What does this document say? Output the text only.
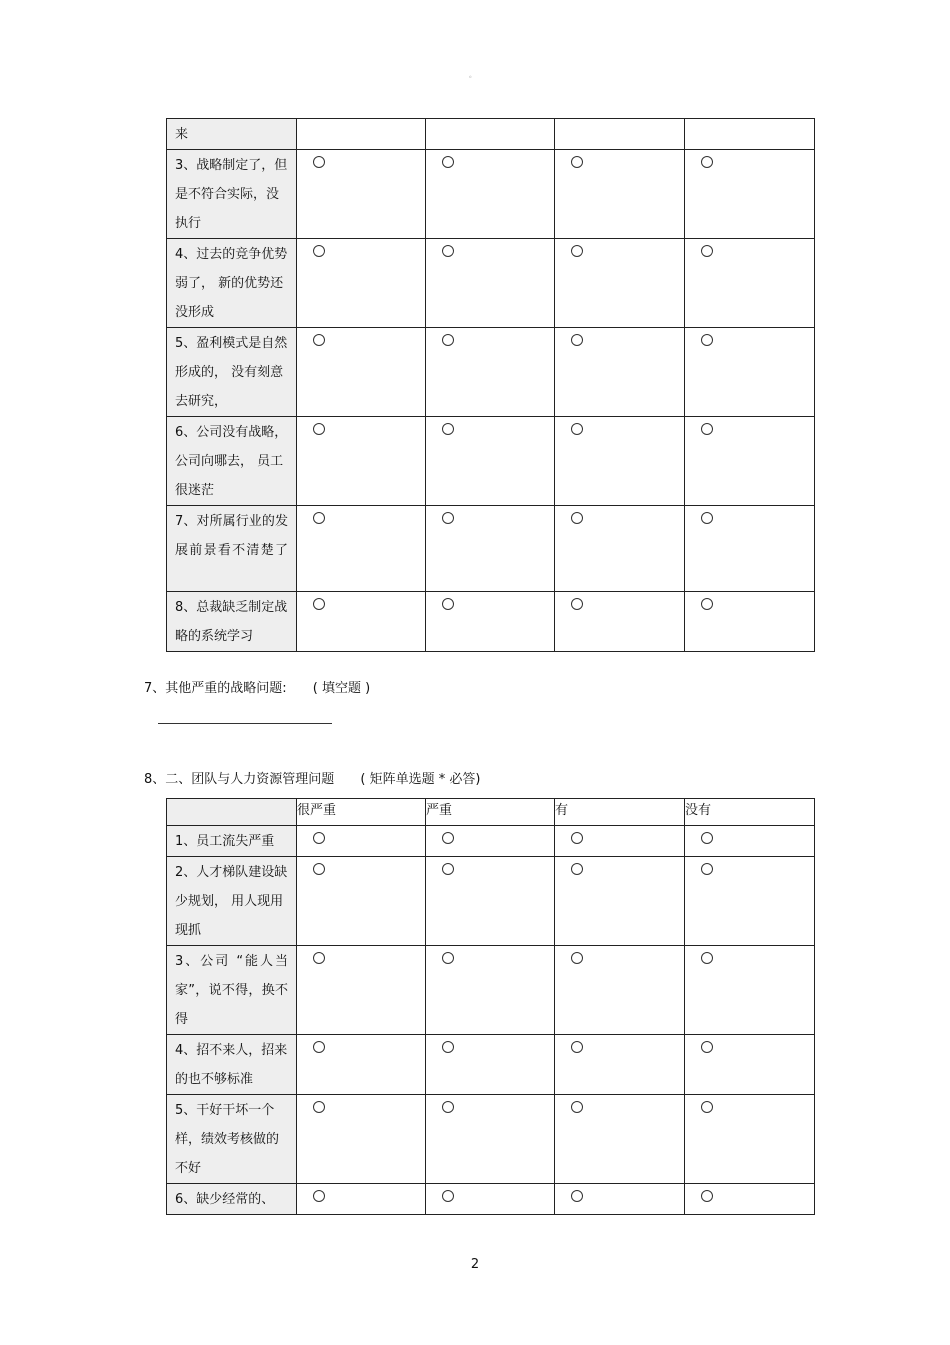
。
来				
3、战略制定了，但是不符合实际，没执行	

4、过去的竞争优势弱了， 新的优势还没形成	

5、盈利模式是自然形成的， 没有刻意去研究，	

6、公司没有战略，公司向哪去， 员工很迷茫	

7、对所属行业的发展前景看不清楚了	

8、总裁缺乏制定战略的系统学习	

7、其他严重的战略问题: ( 填空题 )
8、二、团队与人力资源管理问题 ( 矩阵单选题 * 必答)
	很严重	严重	有	没有
1、员工流失严重	

2、人才梯队建设缺少规划， 用人现用现抓	

3、公司 “能人当家”，说不得，换不得	

4、招不来人，招来的也不够标准	

5、干好干坏一个样，绩效考核做的不好	

6、缺少经常的、	

2
